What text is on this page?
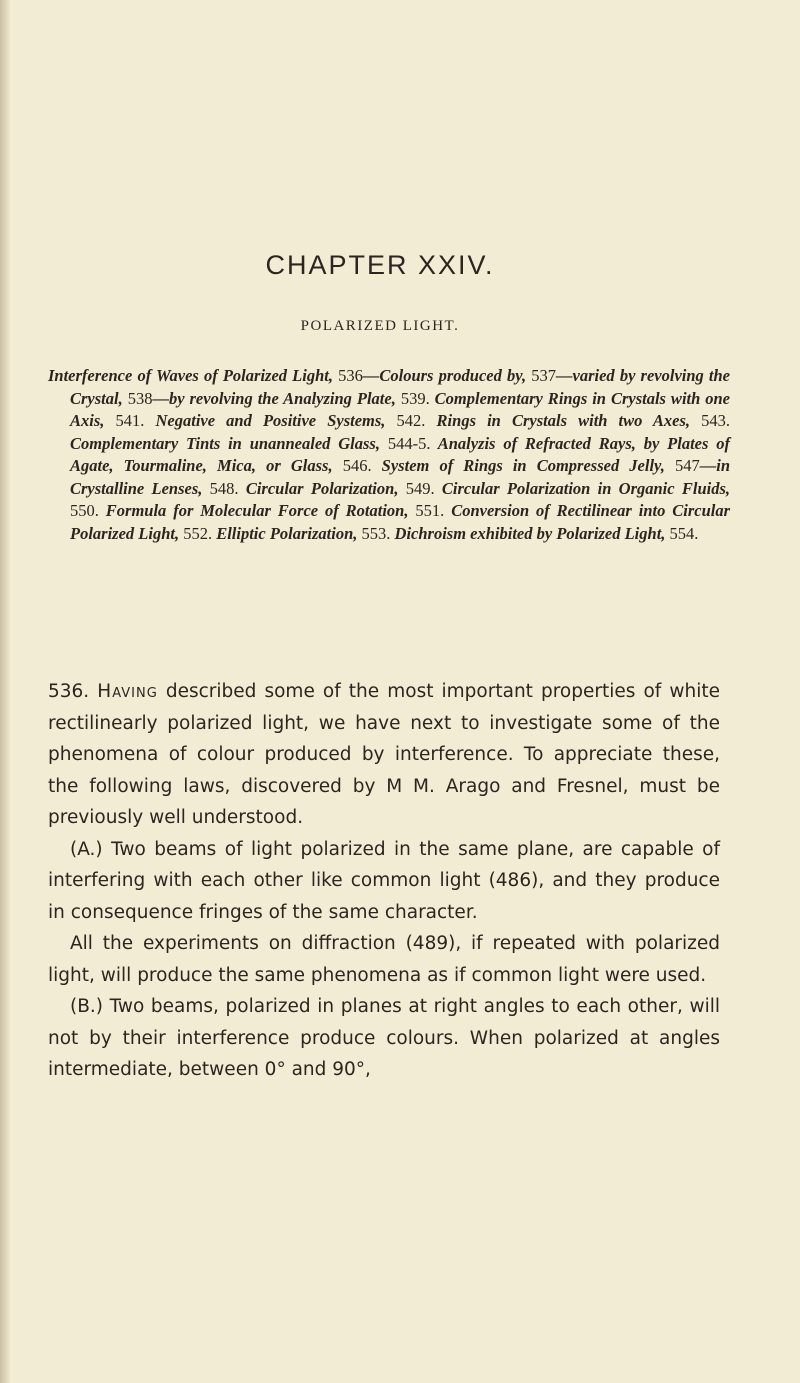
CHAPTER XXIV.
POLARIZED LIGHT.
Interference of Waves of Polarized Light, 536—Colours produced by, 537—varied by revolving the Crystal, 538—by revolving the Analyzing Plate, 539. Complementary Rings in Crystals with one Axis, 541. Negative and Positive Systems, 542. Rings in Crystals with two Axes, 543. Complementary Tints in unannealed Glass, 544-5. Analyzis of Refracted Rays, by Plates of Agate, Tourmaline, Mica, or Glass, 546. System of Rings in Compressed Jelly, 547—in Crystalline Lenses, 548. Circular Polarization, 549. Circular Polarization in Organic Fluids, 550. Formula for Molecular Force of Rotation, 551. Conversion of Rectilinear into Circular Polarized Light, 552. Elliptic Polarization, 553. Dichroism exhibited by Polarized Light, 554.

536. Having described some of the most important properties of white rectilinearly polarized light, we have next to investigate some of the phenomena of colour produced by interference. To appreciate these, the following laws, discovered by M M. Arago and Fresnel, must be previously well understood.

(A.) Two beams of light polarized in the same plane, are capable of interfering with each other like common light (486), and they produce in consequence fringes of the same character.

All the experiments on diffraction (489), if repeated with polarized light, will produce the same phenomena as if common light were used.

(B.) Two beams, polarized in planes at right angles to each other, will not by their interference produce colours. When polarized at angles intermediate, between 0° and 90°,
